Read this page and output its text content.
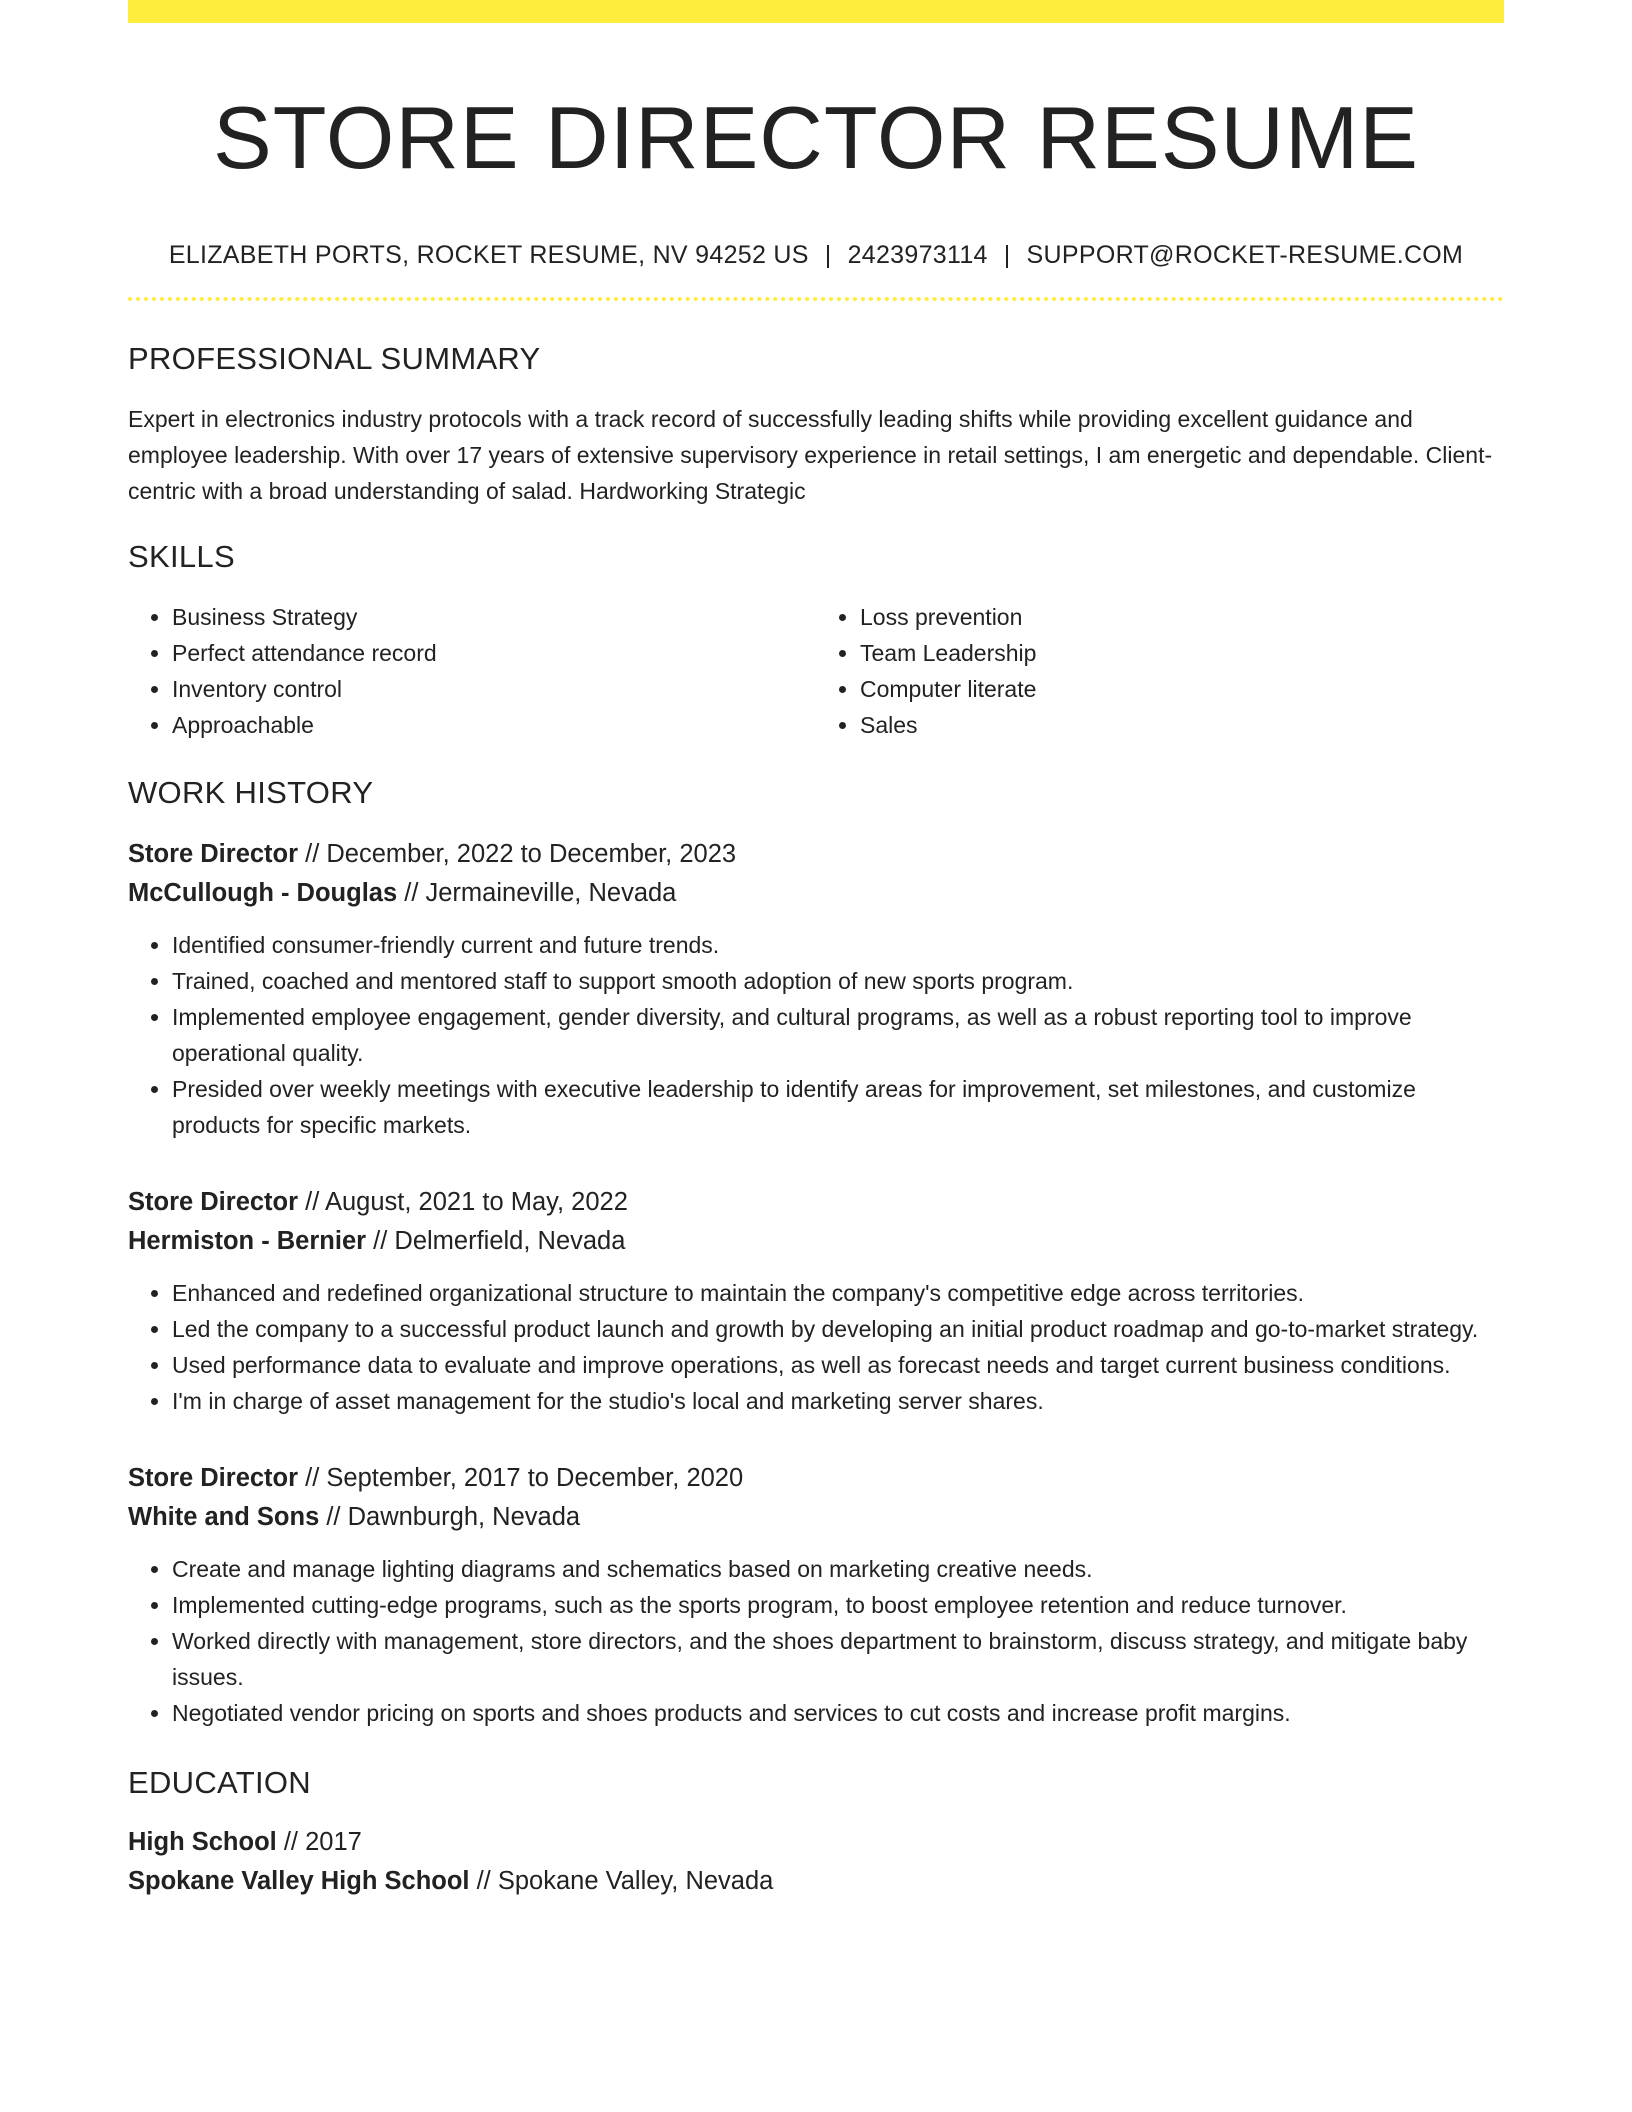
STORE DIRECTOR RESUME
ELIZABETH PORTS, ROCKET RESUME, NV 94252 US | 2423973114 | SUPPORT@ROCKET-RESUME.COM
PROFESSIONAL SUMMARY

Expert in electronics industry protocols with a track record of successfully leading shifts while providing excellent guidance and employee leadership. With over 17 years of extensive supervisory experience in retail settings, I am energetic and dependable. Client-centric with a broad understanding of salad. Hardworking Strategic

SKILLS
• Business Strategy
• Perfect attendance record
• Inventory control
• Approachable
• Loss prevention
• Team Leadership
• Computer literate
• Sales
WORK HISTORY
Store Director // December, 2022 to December, 2023
McCullough - Douglas // Jermaineville, Nevada
• Identified consumer-friendly current and future trends.
• Trained, coached and mentored staff to support smooth adoption of new sports program.
• Implemented employee engagement, gender diversity, and cultural programs, as well as a robust reporting tool to improve operational quality.
• Presided over weekly meetings with executive leadership to identify areas for improvement, set milestones, and customize products for specific markets.
Store Director // August, 2021 to May, 2022
Hermiston - Bernier // Delmerfield, Nevada
• Enhanced and redefined organizational structure to maintain the company's competitive edge across territories.
• Led the company to a successful product launch and growth by developing an initial product roadmap and go-to-market strategy.
• Used performance data to evaluate and improve operations, as well as forecast needs and target current business conditions.
• I'm in charge of asset management for the studio's local and marketing server shares.
Store Director // September, 2017 to December, 2020
White and Sons // Dawnburgh, Nevada
• Create and manage lighting diagrams and schematics based on marketing creative needs.
• Implemented cutting-edge programs, such as the sports program, to boost employee retention and reduce turnover.
• Worked directly with management, store directors, and the shoes department to brainstorm, discuss strategy, and mitigate baby issues.
• Negotiated vendor pricing on sports and shoes products and services to cut costs and increase profit margins.
EDUCATION
High School // 2017
Spokane Valley High School // Spokane Valley, Nevada
